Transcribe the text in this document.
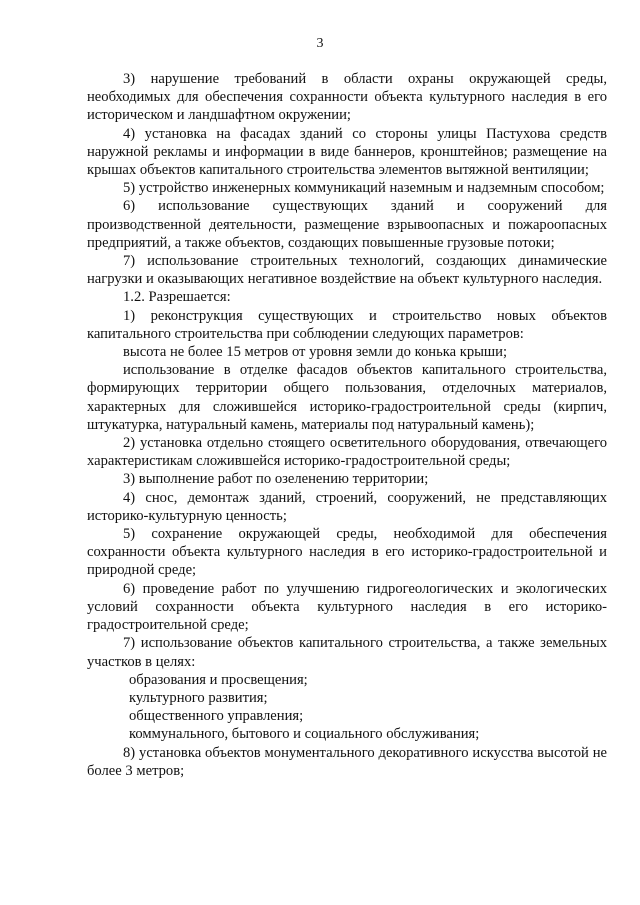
3

3) нарушение требований в области охраны окружающей среды, необходимых для обеспечения сохранности объекта культурного наследия в его историческом и ландшафтном окружении;

4) установка на фасадах зданий со стороны улицы Пастухова средств наружной рекламы и информации в виде баннеров, кронштейнов; размещение на крышах объектов капитального строительства элементов вытяжной вентиляции;

5) устройство инженерных коммуникаций наземным и надземным способом;

6) использование существующих зданий и сооружений для производственной деятельности, размещение взрывоопасных и пожароопасных предприятий, а также объектов, создающих повышенные грузовые потоки;

7) использование строительных технологий, создающих динамические нагрузки и оказывающих негативное воздействие на объект культурного наследия.

1.2. Разрешается:

1) реконструкция существующих и строительство новых объектов капитального строительства при соблюдении следующих параметров:

высота не более 15 метров от уровня земли до конька крыши;

использование в отделке фасадов объектов капитального строительства, формирующих территории общего пользования, отделочных материалов, характерных для сложившейся историко-градостроительной среды (кирпич, штукатурка, натуральный камень, материалы под натуральный камень);

2) установка отдельно стоящего осветительного оборудования, отвечающего характеристикам сложившейся историко-градостроительной среды;

3) выполнение работ по озеленению территории;

4) снос, демонтаж зданий, строений, сооружений, не представляющих историко-культурную ценность;

5) сохранение окружающей среды, необходимой для обеспечения сохранности объекта культурного наследия в его историко-градостроительной и природной среде;

6) проведение работ по улучшению гидрогеологических и экологических условий сохранности объекта культурного наследия в его историко-градостроительной среде;

7) использование объектов капитального строительства, а также земельных участков в целях:

образования и просвещения;

культурного развития;

общественного управления;

коммунального, бытового и социального обслуживания;

8) установка объектов монументального декоративного искусства высотой не более 3 метров;
